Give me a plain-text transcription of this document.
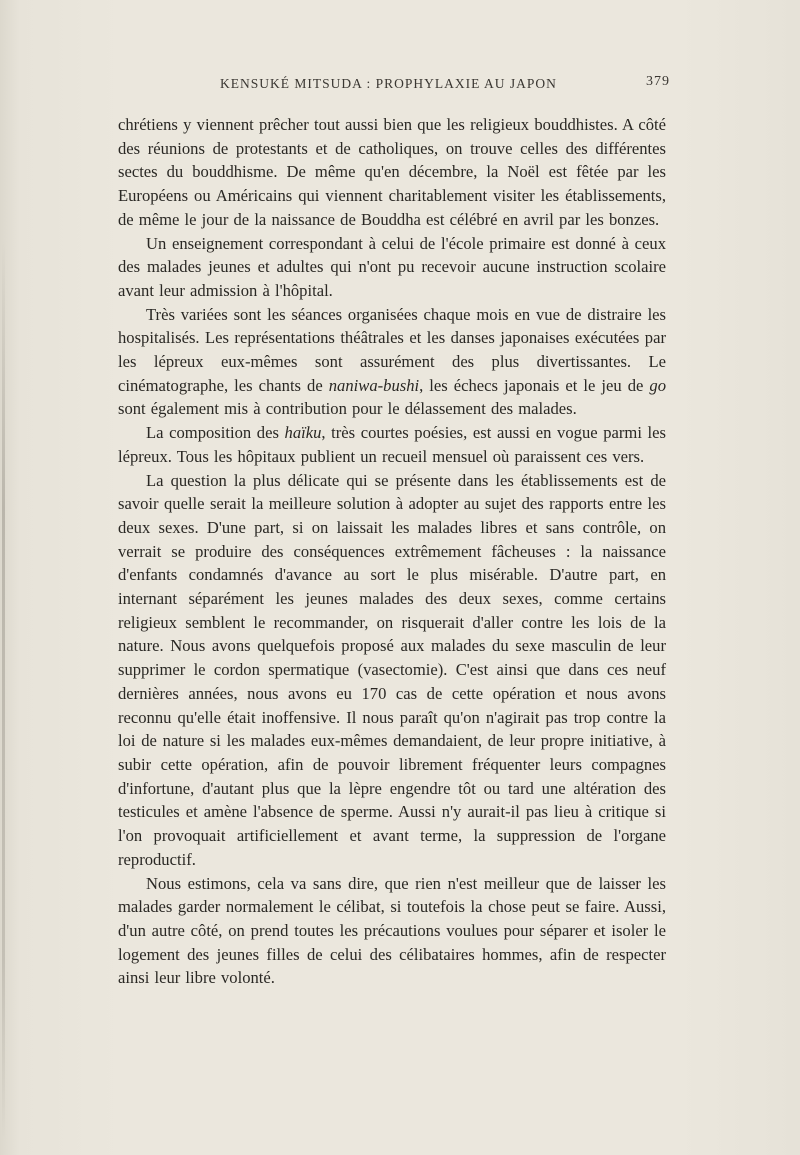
KENSUKÉ MITSUDA : PROPHYLAXIE AU JAPON	379

chrétiens y viennent prêcher tout aussi bien que les religieux bouddhistes. A côté des réunions de protestants et de catholiques, on trouve celles des différentes sectes du bouddhisme. De même qu'en décembre, la Noël est fêtée par les Européens ou Américains qui viennent charitablement visiter les établissements, de même le jour de la naissance de Bouddha est célébré en avril par les bonzes.

Un enseignement correspondant à celui de l'école primaire est donné à ceux des malades jeunes et adultes qui n'ont pu recevoir aucune instruction scolaire avant leur admission à l'hôpital.

Très variées sont les séances organisées chaque mois en vue de distraire les hospitalisés. Les représentations théâtrales et les danses japonaises exécutées par les lépreux eux-mêmes sont assurément des plus divertissantes. Le cinématographe, les chants de naniwa-bushi, les échecs japonais et le jeu de go sont également mis à contribution pour le délassement des malades.

La composition des haïku, très courtes poésies, est aussi en vogue parmi les lépreux. Tous les hôpitaux publient un recueil mensuel où paraissent ces vers.

La question la plus délicate qui se présente dans les établissements est de savoir quelle serait la meilleure solution à adopter au sujet des rapports entre les deux sexes. D'une part, si on laissait les malades libres et sans contrôle, on verrait se produire des conséquences extrêmement fâcheuses : la naissance d'enfants condamnés d'avance au sort le plus misérable. D'autre part, en internant séparément les jeunes malades des deux sexes, comme certains religieux semblent le recommander, on risquerait d'aller contre les lois de la nature. Nous avons quelquefois proposé aux malades du sexe masculin de leur supprimer le cordon spermatique (vasectomie). C'est ainsi que dans ces neuf dernières années, nous avons eu 170 cas de cette opération et nous avons reconnu qu'elle était inoffensive. Il nous paraît qu'on n'agirait pas trop contre la loi de nature si les malades eux-mêmes demandaient, de leur propre initiative, à subir cette opération, afin de pouvoir librement fréquenter leurs compagnes d'infortune, d'autant plus que la lèpre engendre tôt ou tard une altération des testicules et amène l'absence de sperme. Aussi n'y aurait-il pas lieu à critique si l'on provoquait artificiellement et avant terme, la suppression de l'organe reproductif.

Nous estimons, cela va sans dire, que rien n'est meilleur que de laisser les malades garder normalement le célibat, si toutefois la chose peut se faire. Aussi, d'un autre côté, on prend toutes les précautions voulues pour séparer et isoler le logement des jeunes filles de celui des célibataires hommes, afin de respecter ainsi leur libre volonté.
